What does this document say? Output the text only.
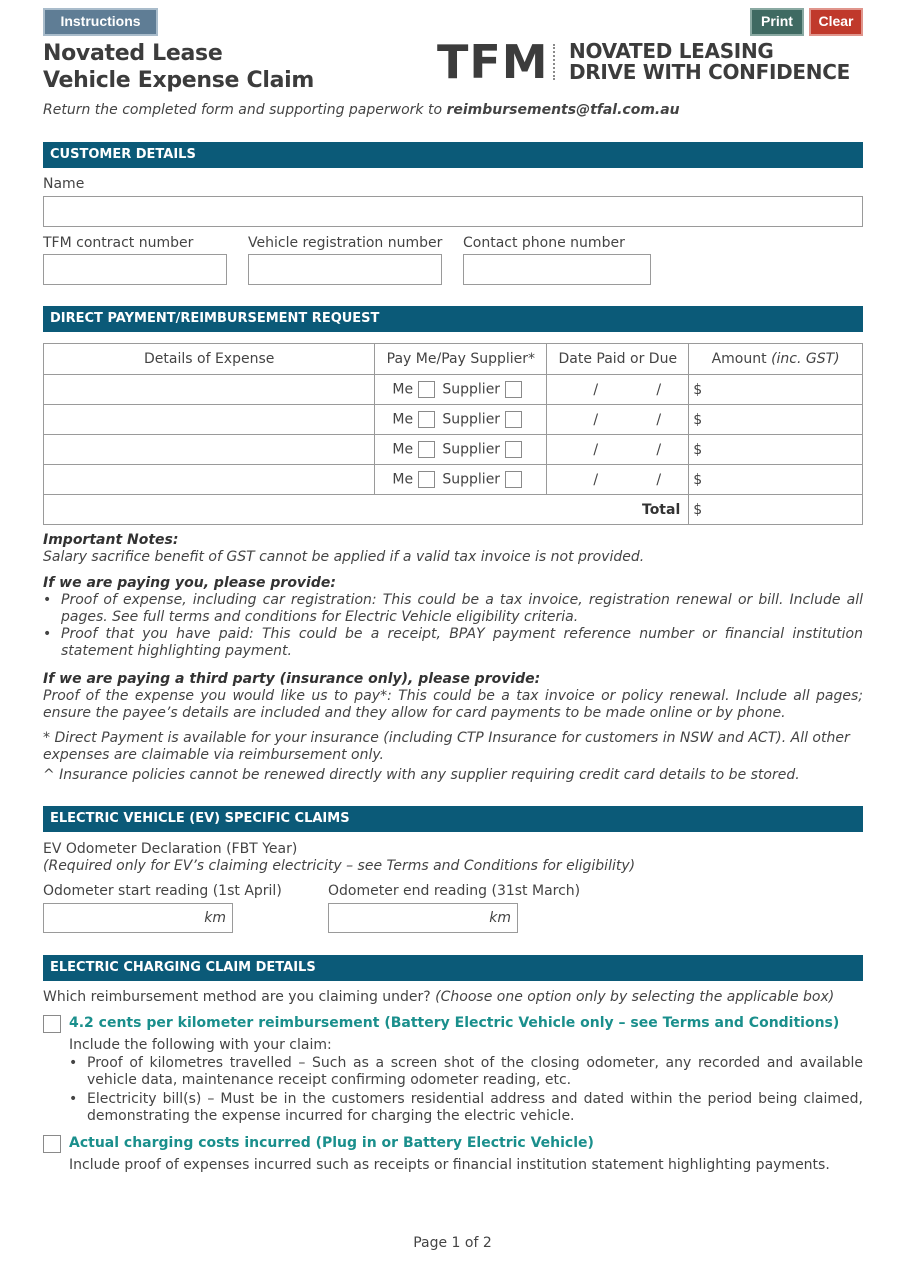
Instructions	Print	Clear
Novated Lease
Vehicle Expense Claim	TFM NOVATED LEASING
DRIVE WITH CONFIDENCE
Return the completed form and supporting paperwork to reimbursements@tfal.com.au
CUSTOMER DETAILS
Name
TFM contract number	Vehicle registration number Contact phone number
DIRECT PAYMENT/REIMBURSEMENT REQUEST
Details of Expense	Pay Me/Pay Supplier*	Date Paid or Due	Amount (inc. GST)
	Me Supplier	/ /	$
	Me Supplier	/ /	$
	Me Supplier	/ /	$
	Me Supplier	/ /	$
Total			$
Important Notes:
Salary sacrifice benefit of GST cannot be applied if a valid tax invoice is not provided.
If we are paying you, please provide:
• Proof of expense, including car registration: This could be a tax invoice, registration renewal or bill. Include all pages. See full terms and conditions for Electric Vehicle eligibility criteria.
• Proof that you have paid: This could be a receipt, BPAY payment reference number or financial institution statement highlighting payment.
If we are paying a third party (insurance only), please provide:
Proof of the expense you would like us to pay*: This could be a tax invoice or policy renewal. Include all pages; ensure the payee’s details are included and they allow for card payments to be made online or by phone.
* Direct Payment is available for your insurance (including CTP Insurance for customers in NSW and ACT). All other expenses are claimable via reimbursement only.
^ Insurance policies cannot be renewed directly with any supplier requiring credit card details to be stored.
ELECTRIC VEHICLE (EV) SPECIFIC CLAIMS
EV Odometer Declaration (FBT Year)
(Required only for EV’s claiming electricity – see Terms and Conditions for eligibility)
Odometer start reading (1st April)
km
Odometer end reading (31st March)
km
ELECTRIC CHARGING CLAIM DETAILS
Which reimbursement method are you claiming under? (Choose one option only by selecting the applicable box)
4.2 cents per kilometer reimbursement (Battery Electric Vehicle only – see Terms and Conditions)
Include the following with your claim:
• Proof of kilometres travelled – Such as a screen shot of the closing odometer, any recorded and available vehicle data, maintenance receipt confirming odometer reading, etc.
• Electricity bill(s) – Must be in the customers residential address and dated within the period being claimed, demonstrating the expense incurred for charging the electric vehicle.
Actual charging costs incurred (Plug in or Battery Electric Vehicle)
Include proof of expenses incurred such as receipts or financial institution statement highlighting payments.
Page 1 of 2
